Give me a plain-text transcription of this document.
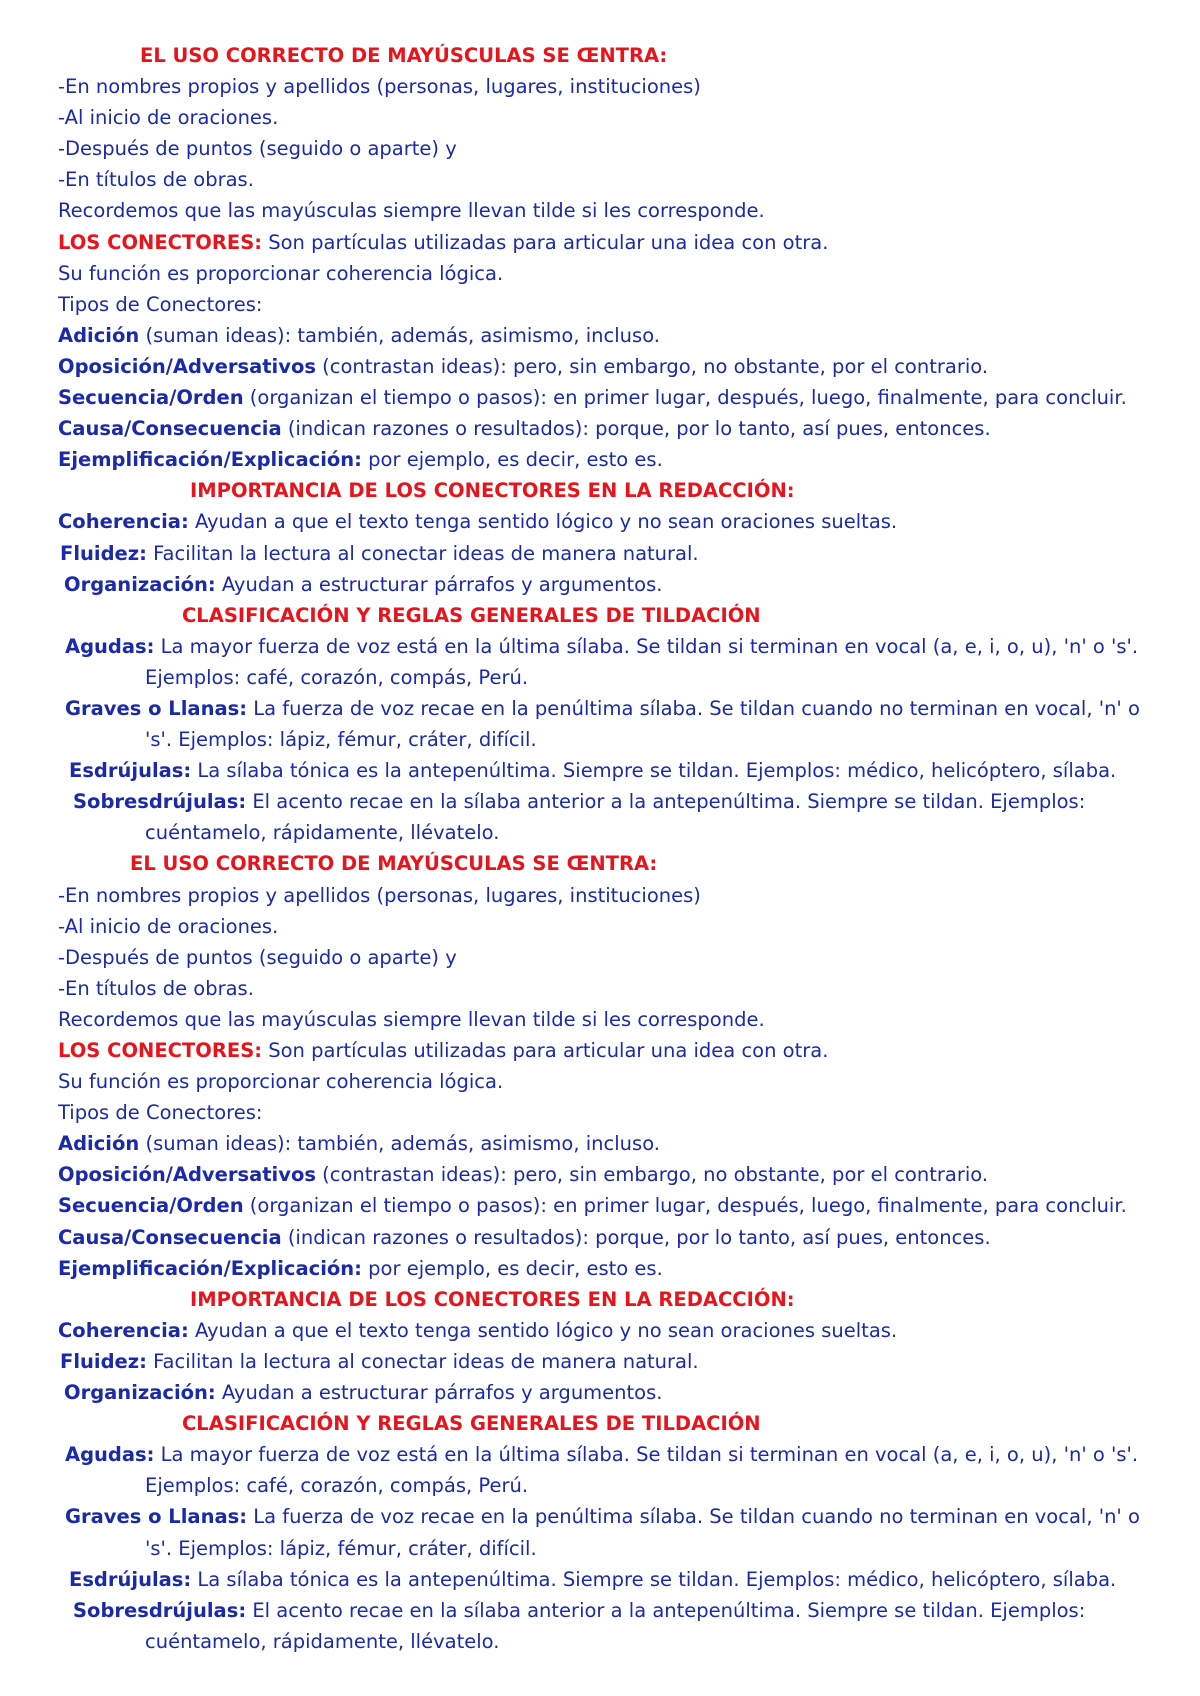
EL USO CORRECTO DE MAYÚSCULAS SE ŒNTRA:
-En nombres propios y apellidos (personas, lugares, instituciones)
-Al inicio de oraciones.
-Después de puntos (seguido o aparte) y
-En títulos de obras.
Recordemos que las mayúsculas siempre llevan tilde si les corresponde.
LOS CONECTORES: Son partículas utilizadas para articular una idea con otra.
Su función es proporcionar coherencia lógica.
Tipos de Conectores:
Adición (suman ideas): también, además, asimismo, incluso.
Oposición/Adversativos (contrastan ideas): pero, sin embargo, no obstante, por el contrario.
Secuencia/Orden (organizan el tiempo o pasos): en primer lugar, después, luego, finalmente, para concluir.
Causa/Consecuencia (indican razones o resultados): porque, por lo tanto, así pues, entonces.
Ejemplificación/Explicación: por ejemplo, es decir, esto es.
IMPORTANCIA DE LOS CONECTORES EN LA REDACCIÓN:
Coherencia: Ayudan a que el texto tenga sentido lógico y no sean oraciones sueltas.
Fluidez: Facilitan la lectura al conectar ideas de manera natural.
Organización: Ayudan a estructurar párrafos y argumentos.
CLASIFICACIÓN Y REGLAS GENERALES DE TILDACIÓN
Agudas: La mayor fuerza de voz está en la última sílaba. Se tildan si terminan en vocal (a, e, i, o, u), 'n' o 's'. Ejemplos: café, corazón, compás, Perú.
Graves o Llanas: La fuerza de voz recae en la penúltima sílaba. Se tildan cuando no terminan en vocal, 'n' o 's'. Ejemplos: lápiz, fémur, cráter, difícil.
Esdrújulas: La sílaba tónica es la antepenúltima. Siempre se tildan. Ejemplos: médico, helicóptero, sílaba.
Sobresdrújulas: El acento recae en la sílaba anterior a la antepenúltima. Siempre se tildan. Ejemplos: cuéntamelo, rápidamente, llévatelo.
EL USO CORRECTO DE MAYÚSCULAS SE ŒNTRA:
-En nombres propios y apellidos (personas, lugares, instituciones)
-Al inicio de oraciones.
-Después de puntos (seguido o aparte) y
-En títulos de obras.
Recordemos que las mayúsculas siempre llevan tilde si les corresponde.
LOS CONECTORES: Son partículas utilizadas para articular una idea con otra.
Su función es proporcionar coherencia lógica.
Tipos de Conectores:
Adición (suman ideas): también, además, asimismo, incluso.
Oposición/Adversativos (contrastan ideas): pero, sin embargo, no obstante, por el contrario.
Secuencia/Orden (organizan el tiempo o pasos): en primer lugar, después, luego, finalmente, para concluir.
Causa/Consecuencia (indican razones o resultados): porque, por lo tanto, así pues, entonces.
Ejemplificación/Explicación: por ejemplo, es decir, esto es.
IMPORTANCIA DE LOS CONECTORES EN LA REDACCIÓN:
Coherencia: Ayudan a que el texto tenga sentido lógico y no sean oraciones sueltas.
Fluidez: Facilitan la lectura al conectar ideas de manera natural.
Organización: Ayudan a estructurar párrafos y argumentos.
CLASIFICACIÓN Y REGLAS GENERALES DE TILDACIÓN
Agudas: La mayor fuerza de voz está en la última sílaba. Se tildan si terminan en vocal (a, e, i, o, u), 'n' o 's'. Ejemplos: café, corazón, compás, Perú.
Graves o Llanas: La fuerza de voz recae en la penúltima sílaba. Se tildan cuando no terminan en vocal, 'n' o 's'. Ejemplos: lápiz, fémur, cráter, difícil.
Esdrújulas: La sílaba tónica es la antepenúltima. Siempre se tildan. Ejemplos: médico, helicóptero, sílaba.
Sobresdrújulas: El acento recae en la sílaba anterior a la antepenúltima. Siempre se tildan. Ejemplos: cuéntamelo, rápidamente, llévatelo.
